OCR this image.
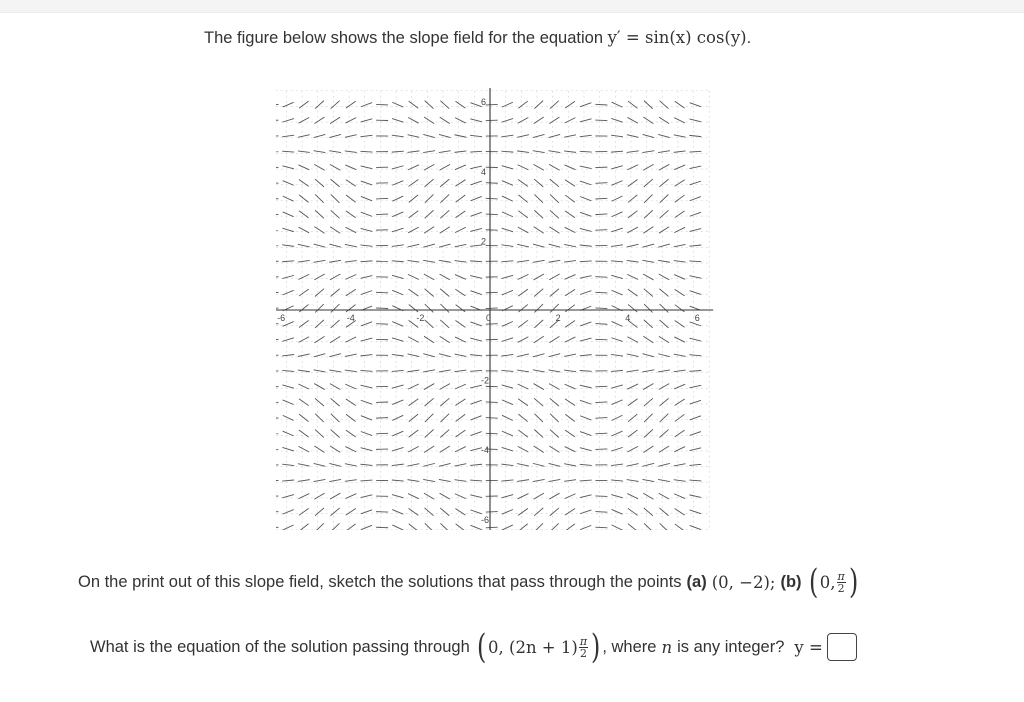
The figure below shows the slope field for the equation y′ = sin(x) cos(y).
-6	-4	-2	0	2	4	6
6
4
2
-2
-4
-6
On the print out of this slope field, sketch the solutions that pass through the points (a) (0, −2); (b) ( 0, $\frac{\pi}{2}$ )
What is the equation of the solution passing through ( 0, $(2n + 1) \frac{\pi}{2}$ ) , where n is any integer? y =
